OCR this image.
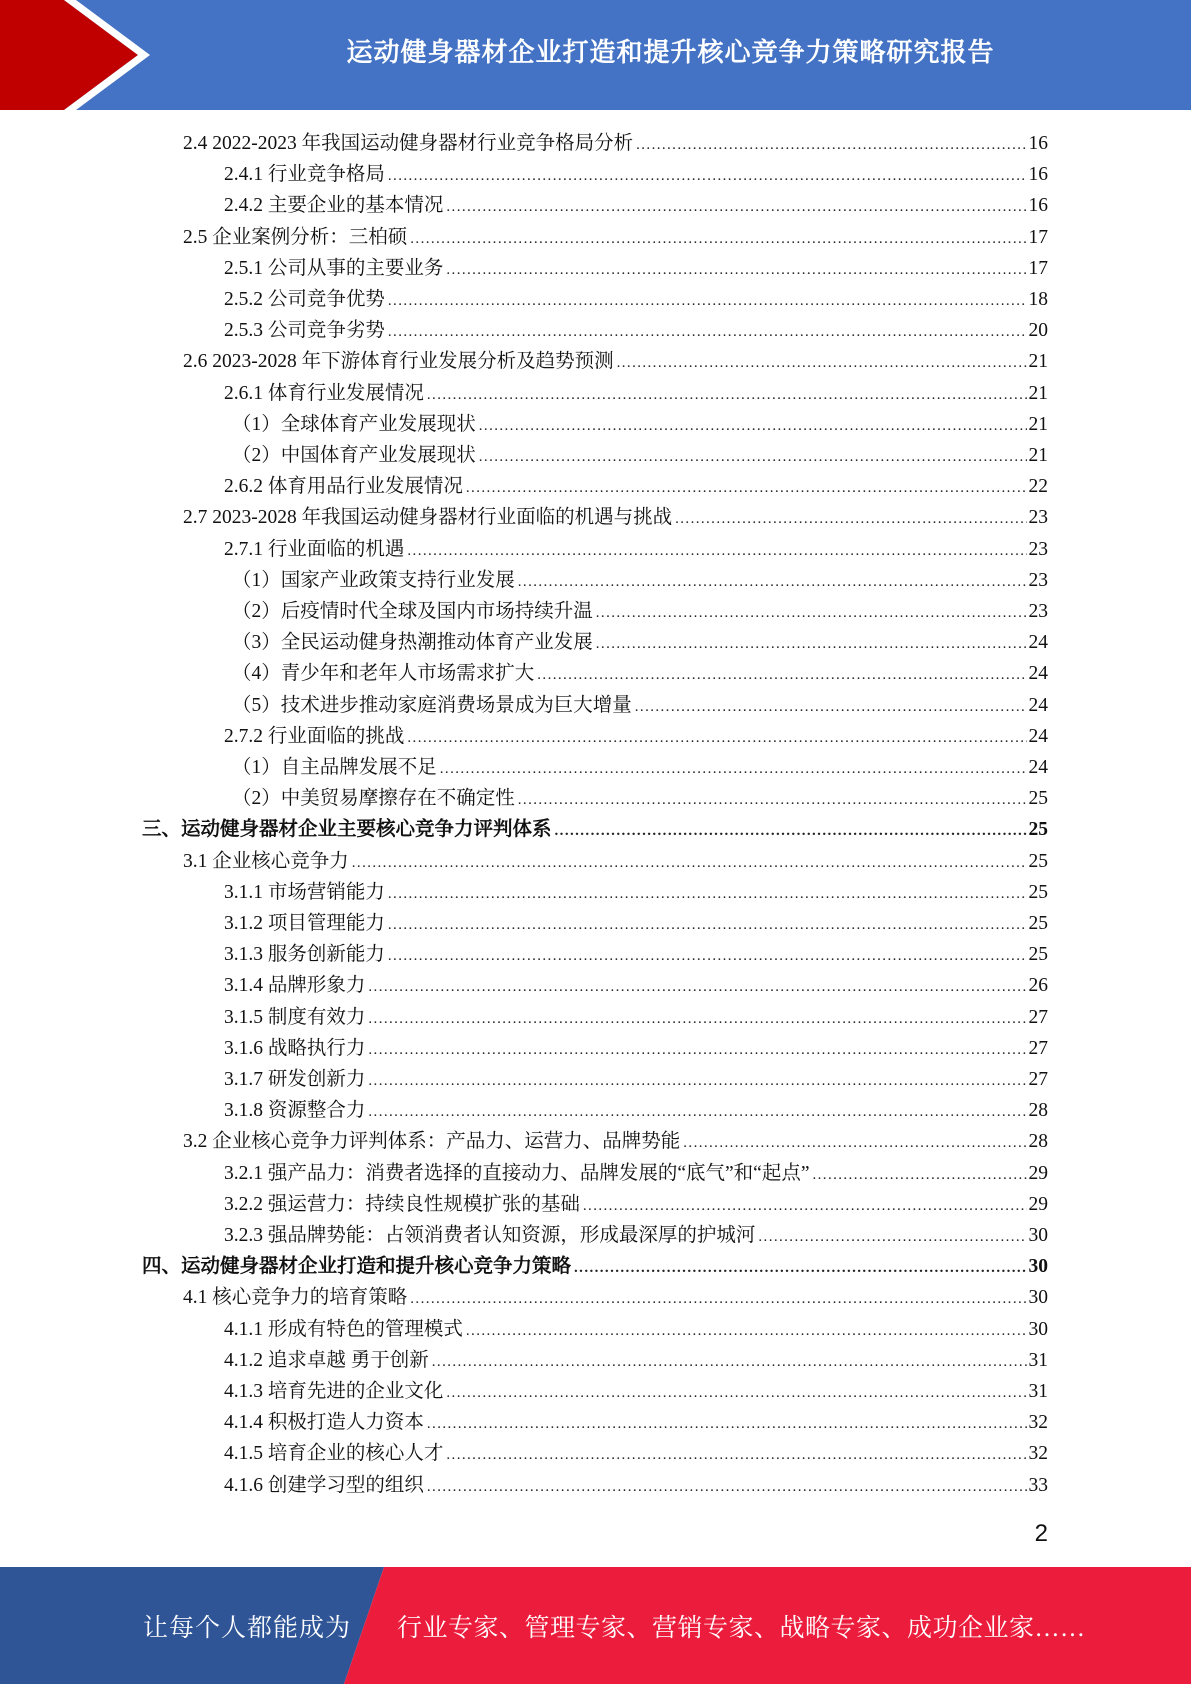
运动健身器材企业打造和提升核心竞争力策略研究报告
2.4 2022-2023 年我国运动健身器材行业竞争格局分析 .....	16
2.4.1 行业竞争格局 .....	16
2.4.2 主要企业的基本情况 .....	16
2.5 企业案例分析：三柏硕 .....	17
2.5.1 公司从事的主要业务 .....	17
2.5.2 公司竞争优势 .....	18
2.5.3 公司竞争劣势 .....	20
2.6 2023-2028 年下游体育行业发展分析及趋势预测 .....	21
2.6.1 体育行业发展情况 .....	21
（1）全球体育产业发展现状 .....	21
（2）中国体育产业发展现状 .....	21
2.6.2 体育用品行业发展情况 .....	22
2.7 2023-2028 年我国运动健身器材行业面临的机遇与挑战 .....	23
2.7.1 行业面临的机遇 .....	23
（1）国家产业政策支持行业发展 .....	23
（2）后疫情时代全球及国内市场持续升温 .....	23
（3）全民运动健身热潮推动体育产业发展 .....	24
（4）青少年和老年人市场需求扩大 .....	24
（5）技术进步推动家庭消费场景成为巨大增量 .....	24
2.7.2 行业面临的挑战 .....	24
（1）自主品牌发展不足 .....	24
（2）中美贸易摩擦存在不确定性 .....	25
三、运动健身器材企业主要核心竞争力评判体系 .....	25
3.1 企业核心竞争力 .....	25
3.1.1 市场营销能力 .....	25
3.1.2 项目管理能力 .....	25
3.1.3 服务创新能力 .....	25
3.1.4 品牌形象力 .....	26
3.1.5 制度有效力 .....	27
3.1.6 战略执行力 .....	27
3.1.7 研发创新力 .....	27
3.1.8 资源整合力 .....	28
3.2 企业核心竞争力评判体系：产品力、运营力、品牌势能 .....	28
3.2.1 强产品力：消费者选择的直接动力、品牌发展的“底气”和“起点” .....	29
3.2.2 强运营力：持续良性规模扩张的基础 .....	29
3.2.3 强品牌势能：占领消费者认知资源，形成最深厚的护城河 .....	30
四、运动健身器材企业打造和提升核心竞争力策略 .....	30
4.1 核心竞争力的培育策略 .....	30
4.1.1 形成有特色的管理模式 .....	30
4.1.2 追求卓越 勇于创新 .....	31
4.1.3 培育先进的企业文化 .....	31
4.1.4 积极打造人力资本 .....	32
4.1.5 培育企业的核心人才 .....	32
4.1.6 创建学习型的组织 .....	33
2
让每个人都能成为 行业专家、管理专家、营销专家、战略专家、成功企业家……
